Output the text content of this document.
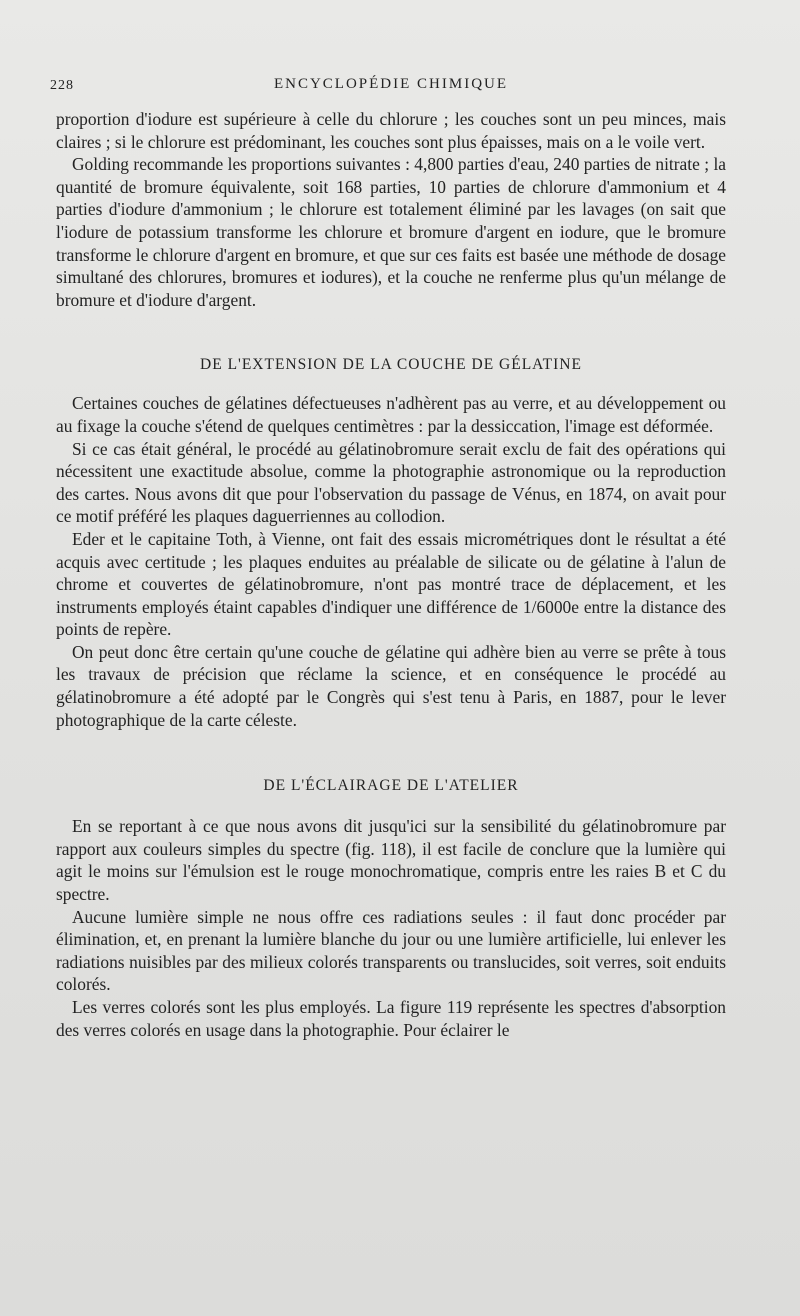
228	ENCYCLOPÉDIE CHIMIQUE

proportion d'iodure est supérieure à celle du chlorure ; les couches sont un peu minces, mais claires ; si le chlorure est prédominant, les couches sont plus épaisses, mais on a le voile vert.

Golding recommande les proportions suivantes : 4,800 parties d'eau, 240 parties de nitrate ; la quantité de bromure équivalente, soit 168 parties, 10 parties de chlorure d'ammonium et 4 parties d'iodure d'ammonium ; le chlorure est totalement éliminé par les lavages (on sait que l'iodure de potassium transforme les chlorure et bromure d'argent en iodure, que le bromure transforme le chlorure d'argent en bromure, et que sur ces faits est basée une méthode de dosage simultané des chlorures, bromures et iodures), et la couche ne renferme plus qu'un mélange de bromure et d'iodure d'argent.

DE L'EXTENSION DE LA COUCHE DE GÉLATINE

Certaines couches de gélatines défectueuses n'adhèrent pas au verre, et au développement ou au fixage la couche s'étend de quelques centimètres : par la dessiccation, l'image est déformée.

Si ce cas était général, le procédé au gélatinobromure serait exclu de fait des opérations qui nécessitent une exactitude absolue, comme la photographie astronomique ou la reproduction des cartes. Nous avons dit que pour l'observation du passage de Vénus, en 1874, on avait pour ce motif préféré les plaques daguerriennes au collodion.

Eder et le capitaine Toth, à Vienne, ont fait des essais micrométriques dont le résultat a été acquis avec certitude ; les plaques enduites au préalable de silicate ou de gélatine à l'alun de chrome et couvertes de gélatinobromure, n'ont pas montré trace de déplacement, et les instruments employés étaint capables d'indiquer une différence de 1/6000e entre la distance des points de repère.

On peut donc être certain qu'une couche de gélatine qui adhère bien au verre se prête à tous les travaux de précision que réclame la science, et en conséquence le procédé au gélatinobromure a été adopté par le Congrès qui s'est tenu à Paris, en 1887, pour le lever photographique de la carte céleste.

DE L'ÉCLAIRAGE DE L'ATELIER

En se reportant à ce que nous avons dit jusqu'ici sur la sensibilité du gélatinobromure par rapport aux couleurs simples du spectre (fig. 118), il est facile de conclure que la lumière qui agit le moins sur l'émulsion est le rouge monochromatique, compris entre les raies B et C du spectre.

Aucune lumière simple ne nous offre ces radiations seules : il faut donc procéder par élimination, et, en prenant la lumière blanche du jour ou une lumière artificielle, lui enlever les radiations nuisibles par des milieux colorés transparents ou translucides, soit verres, soit enduits colorés.

Les verres colorés sont les plus employés. La figure 119 représente les spectres d'absorption des verres colorés en usage dans la photographie. Pour éclairer le
